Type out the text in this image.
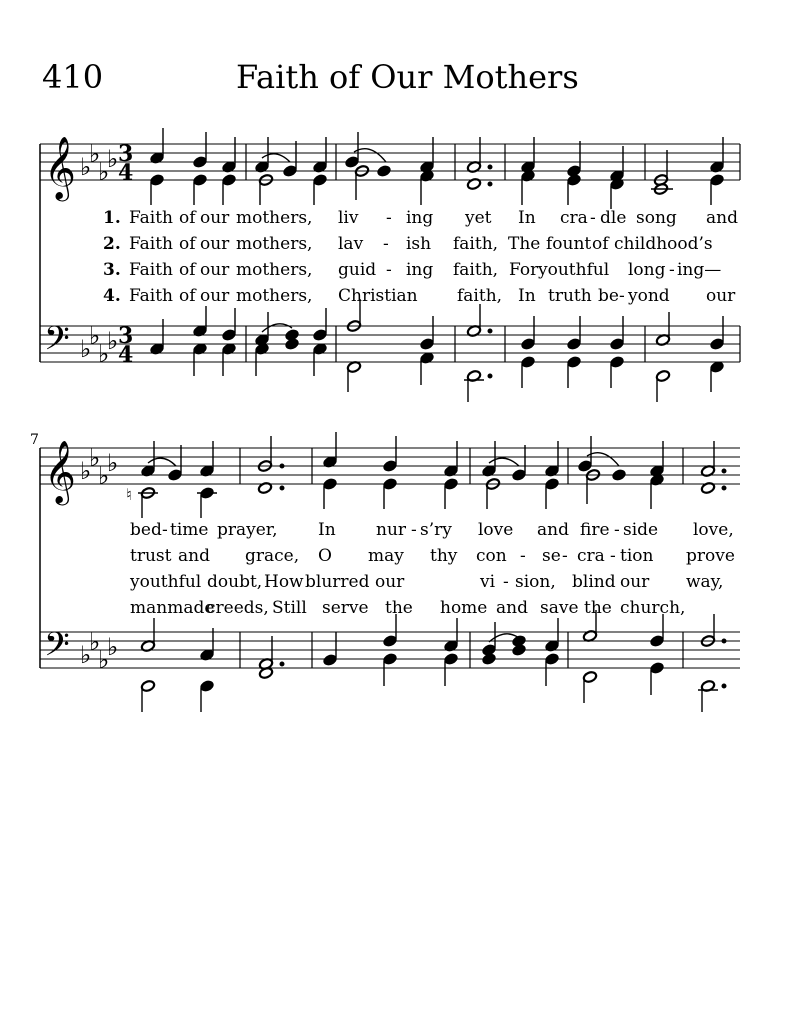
410	Faith of Our Mothers
7
𝄞
𝄢
♭
♭
♭
♭
♭
♭
♭
♭
3
4
3
4
𝄞
𝄢
♭
♭
♭
♭
♭
♭
♭
♭
♮
1. Faith of our mothers, liv - ing yet In cra - dle song and
2. Faith of our mothers, lav - ish faith, The fount of childhood’s
3. Faith of our mothers, guid - ing faith, For youthful long - ing—
4. Faith of our mothers, Christian faith, In truth be - yond our
bed - time prayer, In nur - s’ry love and fire - side love,
trust and grace, O may thy con - se - cra - tion prove
youthful doubt, How blurred our	vi - sion, blind our way,
manmade
creeds, Still serve the home and save the church,
